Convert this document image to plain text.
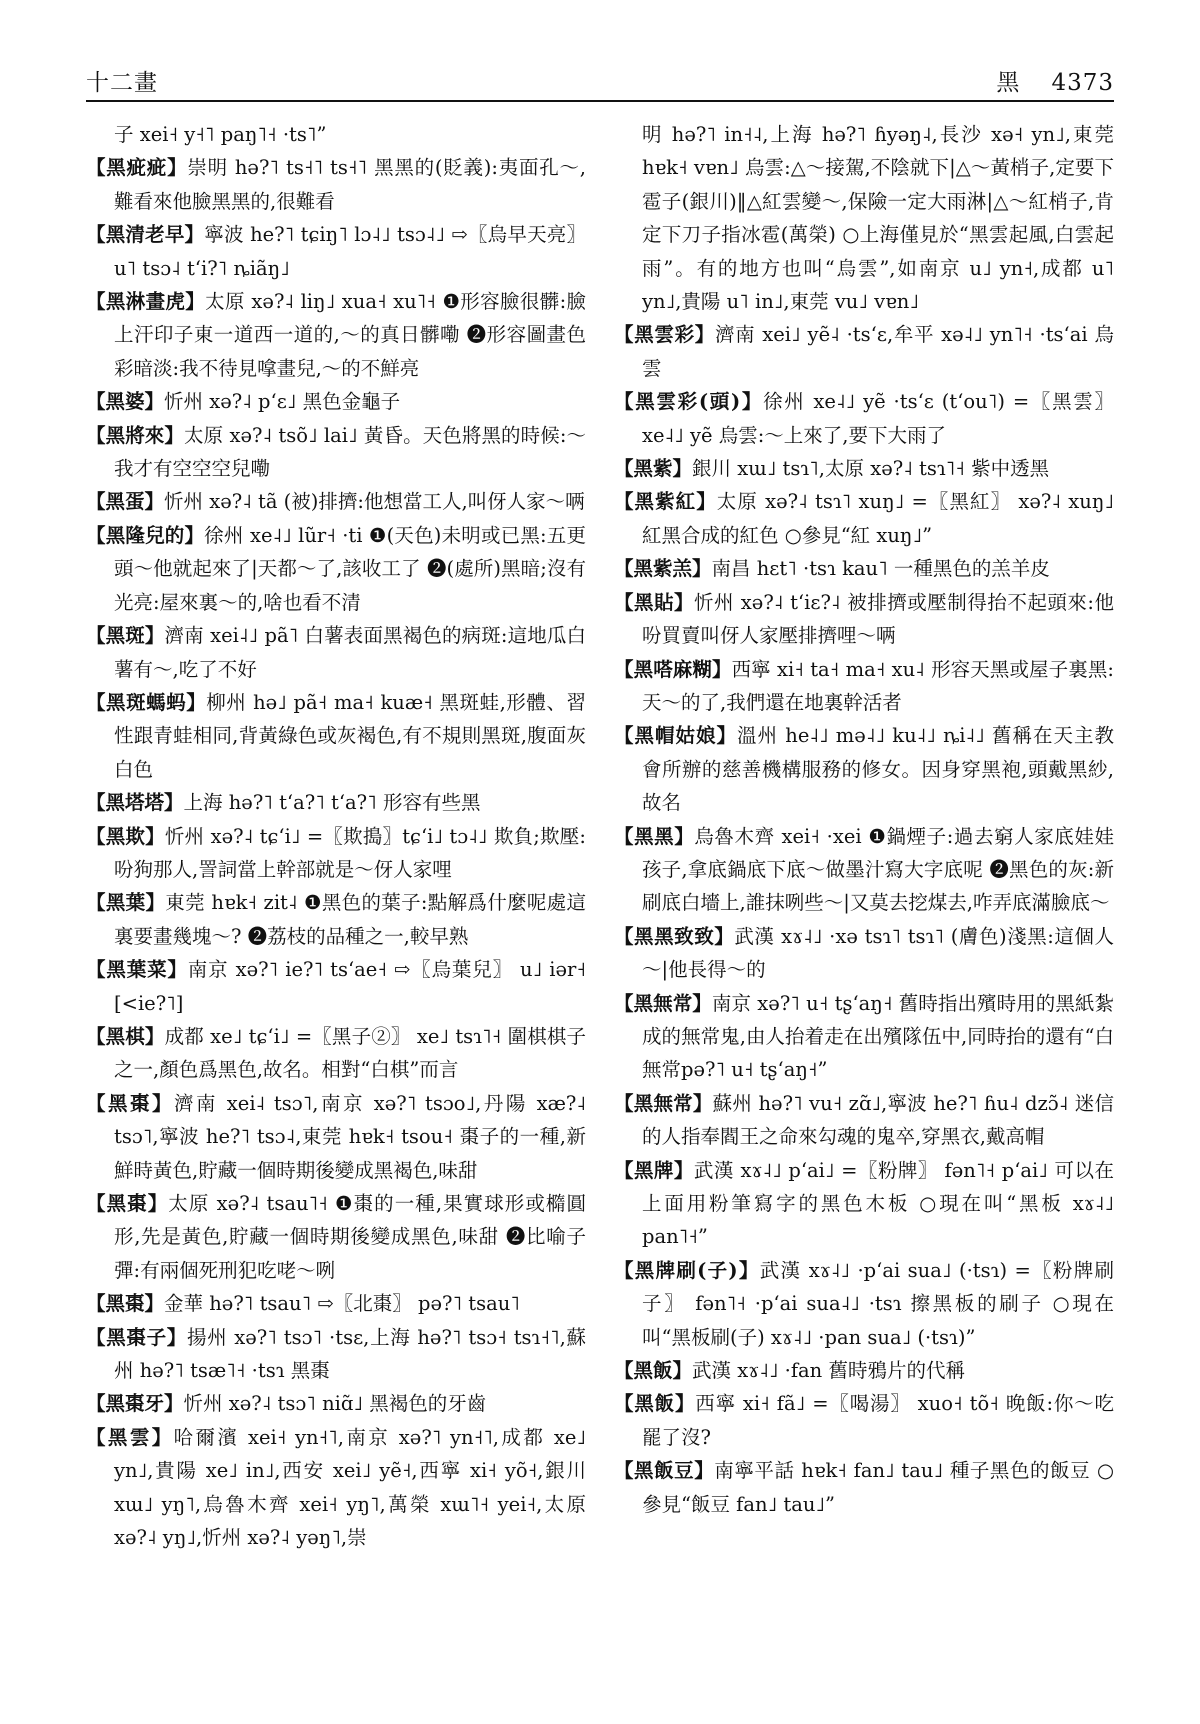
十二畫	黑 4373

子 xei˧ y˧˥ paŋ˥˧ ·ts˥”

【黑疵疵】崇明 hə?˥ ts˧˥ ts˧˥ 黑黑的(貶義):夷面孔～,難看來他臉黑黑的,很難看

【黑清老早】寧波 he?˥ tɕiŋ˥ lɔ˨˩ tsɔ˨˩ ⇨〖烏早天亮〗 u˥ tsɔ˨ tʻi?˥ ȵiãŋ˩

【黑淋畫虎】太原 xə?˨ liŋ˩ xua˧ xu˥˧ ❶形容臉很髒:臉上汗印子東一道西一道的,～的真日髒嘞 ❷形容圖畫色彩暗淡:我不待見嗱畫兒,～的不鮮亮

【黑婆】忻州 xə?˨ pʻɛ˩ 黑色金龜子

【黑將來】太原 xə?˨ tsõ˩ lai˩ 黃昏。天色將黑的時候:～我才有空空空兒嘞

【黑蛋】忻州 xə?˨ tã (被)排擠:他想當工人,叫伢人家～唡

【黑隆兒的】徐州 xe˨˩ lũr˧ ·ti ❶(天色)未明或已黑:五更頭～他就起來了|天都～了,該收工了 ❷(處所)黑暗;沒有光亮:屋來裏～的,啥也看不清

【黑斑】濟南 xei˨˩ pã˥ 白薯表面黑褐色的病斑:這地瓜白薯有～,吃了不好

【黑斑螞蚂】柳州 hə˩ pã˧ ma˧ kuæ˧ 黑斑蛙,形體、習性跟青蛙相同,背黃綠色或灰褐色,有不規則黑斑,腹面灰白色

【黑塔塔】上海 hə?˥ tʻa?˥ tʻa?˥ 形容有些黑

【黑欺】忻州 xə?˨ tɕʻi˩ =〖欺搗〗tɕʻi˩ tɔ˨˩ 欺負;欺壓:吩狗那人,詈詞當上幹部就是～伢人家哩

【黑葉】東莞 hɐk˧ zit˨ ❶黑色的葉子:點解爲什麼呢處這裏要畫幾塊～? ❷荔枝的品種之一,較早熟

【黑葉菜】南京 xə?˥ ie?˥ tsʻae˧ ⇨〖烏葉兒〗 u˩ iər˧ [<ie?˥]

【黑棋】成都 xe˩ tɕʻi˩ =〖黑子②〗 xe˩ tsɿ˥˧ 圍棋棋子之一,顏色爲黑色,故名。相對“白棋”而言

【黑棗】濟南 xei˨ tsɔ˥,南京 xə?˥ tsɔo˩,丹陽 xæ?˨ tsɔ˥,寧波 he?˥ tsɔ˨,東莞 hɐk˧ tsou˧ 棗子的一種,新鮮時黃色,貯藏一個時期後變成黑褐色,味甜

【黑棗】太原 xə?˨ tsau˥˧ ❶棗的一種,果實球形或橢圓形,先是黃色,貯藏一個時期後變成黑色,味甜 ❷比喻子彈:有兩個死刑犯吃咾～咧

【黑棗】金華 hə?˥ tsau˥ ⇨〖北棗〗 pə?˥ tsau˥

【黑棗子】揚州 xə?˥ tsɔ˥ ·tsɛ,上海 hə?˥ tsɔ˧ tsɿ˧˥,蘇州 hə?˥ tsæ˥˧ ·tsɿ 黑棗

【黑棗牙】忻州 xə?˨ tsɔ˥ niɑ̃˩ 黑褐色的牙齒

【黑雲】哈爾濱 xei˧ yn˧˥,南京 xə?˥ yn˧˥,成都 xe˩ yn˩,貴陽 xe˩ in˩,西安 xei˩ yẽ˧,西寧 xi˧ yõ˧,銀川 xɯ˩ yŋ˥,烏魯木齊 xei˧ yŋ˥,萬榮 xɯ˥˧ yei˧,太原 xə?˨ yŋ˩,忻州 xə?˨ yəŋ˥,崇

明 hə?˥ in˧˨,上海 hə?˥ ɦyəŋ˨,長沙 xə˧ yn˩,東莞 hɐk˧ vɐn˩ 烏雲:△～接駕,不陰就下|△～黃梢子,定要下雹子(銀川)‖△紅雲變～,保險一定大雨淋|△～紅梢子,肯定下刀子指冰雹(萬榮) ○上海僅見於“黑雲起風,白雲起雨”。有的地方也叫“烏雲”,如南京 u˩ yn˧,成都 u˥ yn˩,貴陽 u˥ in˩,東莞 vu˩ vɐn˩

【黑雲彩】濟南 xei˩ yẽ˨ ·tsʻɛ,牟平 xə˨˩ yn˥˧ ·tsʻai 烏雲

【黑雲彩(頭)】徐州 xe˨˩ yẽ ·tsʻɛ (tʻou˥) =〖黑雲〗 xe˨˩ yẽ 烏雲:～上來了,要下大雨了

【黑紫】銀川 xɯ˩ tsɿ˥,太原 xə?˨ tsɿ˥˧ 紫中透黑

【黑紫紅】太原 xə?˨ tsɿ˥ xuŋ˩ =〖黑紅〗 xə?˨ xuŋ˩ 紅黑合成的紅色 ○參見“紅 xuŋ˩”

【黑紫羔】南昌 hɛt˥ ·tsɿ kau˥ 一種黑色的羔羊皮

【黑貼】忻州 xə?˨ tʻiɛ?˨ 被排擠或壓制得抬不起頭來:他吩買賣叫伢人家壓排擠哩～唡

【黑嗒麻糊】西寧 xi˧ ta˧ ma˧ xu˨ 形容天黑或屋子裏黑:天～的了,我們還在地裏幹活者

【黑帽姑娘】溫州 he˨˩ mə˨˩ ku˨˩ ȵi˨˩ 舊稱在天主教會所辦的慈善機構服務的修女。因身穿黑袍,頭戴黑紗,故名

【黑黑】烏魯木齊 xei˧ ·xei ❶鍋煙子:過去窮人家底娃娃孩子,拿底鍋底下底～做墨汁寫大字底呢 ❷黑色的灰:新刷底白墻上,誰抹咧些～|又莫去挖煤去,咋弄底滿臉底～

【黑黑致致】武漢 xɤ˨˩ ·xə tsɿ˥ tsɿ˥ (膚色)淺黑:這個人～|他長得～的

【黑無常】南京 xə?˥ u˧ tʂʻaŋ˧ 舊時指出殯時用的黑紙紮成的無常鬼,由人抬着走在出殯隊伍中,同時抬的還有“白無常pə?˥ u˧ tʂʻaŋ˧”

【黑無常】蘇州 hə?˥ vu˧ zɑ̃˩,寧波 he?˥ ɦu˨ dzɔ̃˨ 迷信的人指奉閻王之命來勾魂的鬼卒,穿黑衣,戴高帽

【黑牌】武漢 xɤ˨˩ pʻai˩ =〖粉牌〗 fən˥˧ pʻai˩ 可以在上面用粉筆寫字的黑色木板 ○現在叫“黑板 xɤ˨˩ pan˥˧”

【黑牌刷(子)】武漢 xɤ˨˩ ·pʻai sua˩ (·tsɿ) =〖粉牌刷子〗 fən˥˧ ·pʻai sua˨˩ ·tsɿ 擦黑板的刷子 ○現在叫“黑板刷(子) xɤ˨˩ ·pan sua˩ (·tsɿ)”

【黑飯】武漢 xɤ˨˩ ·fan 舊時鴉片的代稱

【黑飯】西寧 xi˧ fã˩ =〖喝湯〗 xuo˧ tõ˧ 晚飯:你～吃罷了沒?

【黑飯豆】南寧平話 hɐk˧ fan˩ tau˩ 種子黑色的飯豆 ○參見“飯豆 fan˩ tau˩”
